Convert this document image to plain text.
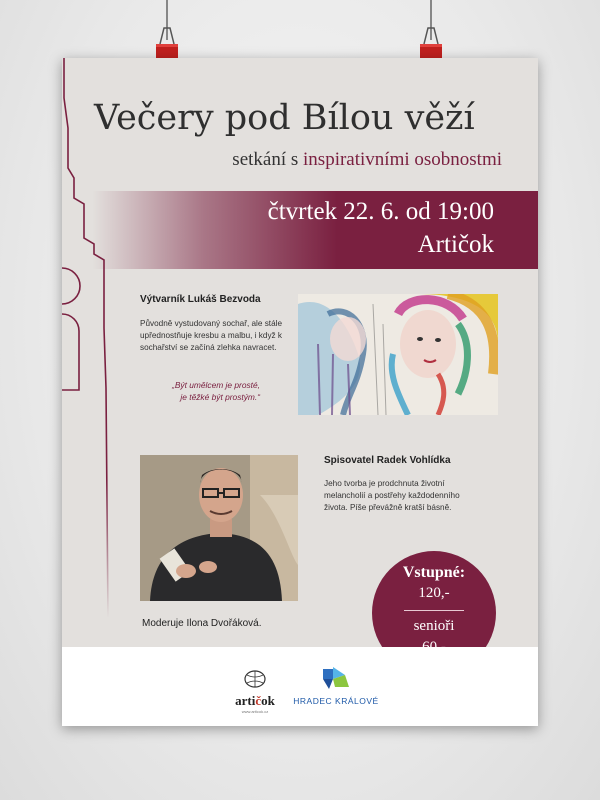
Večery pod Bílou věží
setkání s inspirativními osobnostmi
čtvrtek 22. 6. od 19:00
Artičok
Výtvarník Lukáš Bezvoda
Původně vystudovaný sochař, ale stále upřednostňuje kresbu a malbu, i když k sochařství se začíná zlehka navracet.
„Být umělcem je prosté,
je těžké být prostým.“
Spisovatel Radek Vohlídka
Jeho tvorba je prodchnuta životní melancholií a postřehy každodenního života. Píše převážně kratší básně.
Moderuje Ilona Dvořáková.
Vstupné:
120,-
senioři
artičok
www.articok.cz
HRADEC KRÁLOVÉ
